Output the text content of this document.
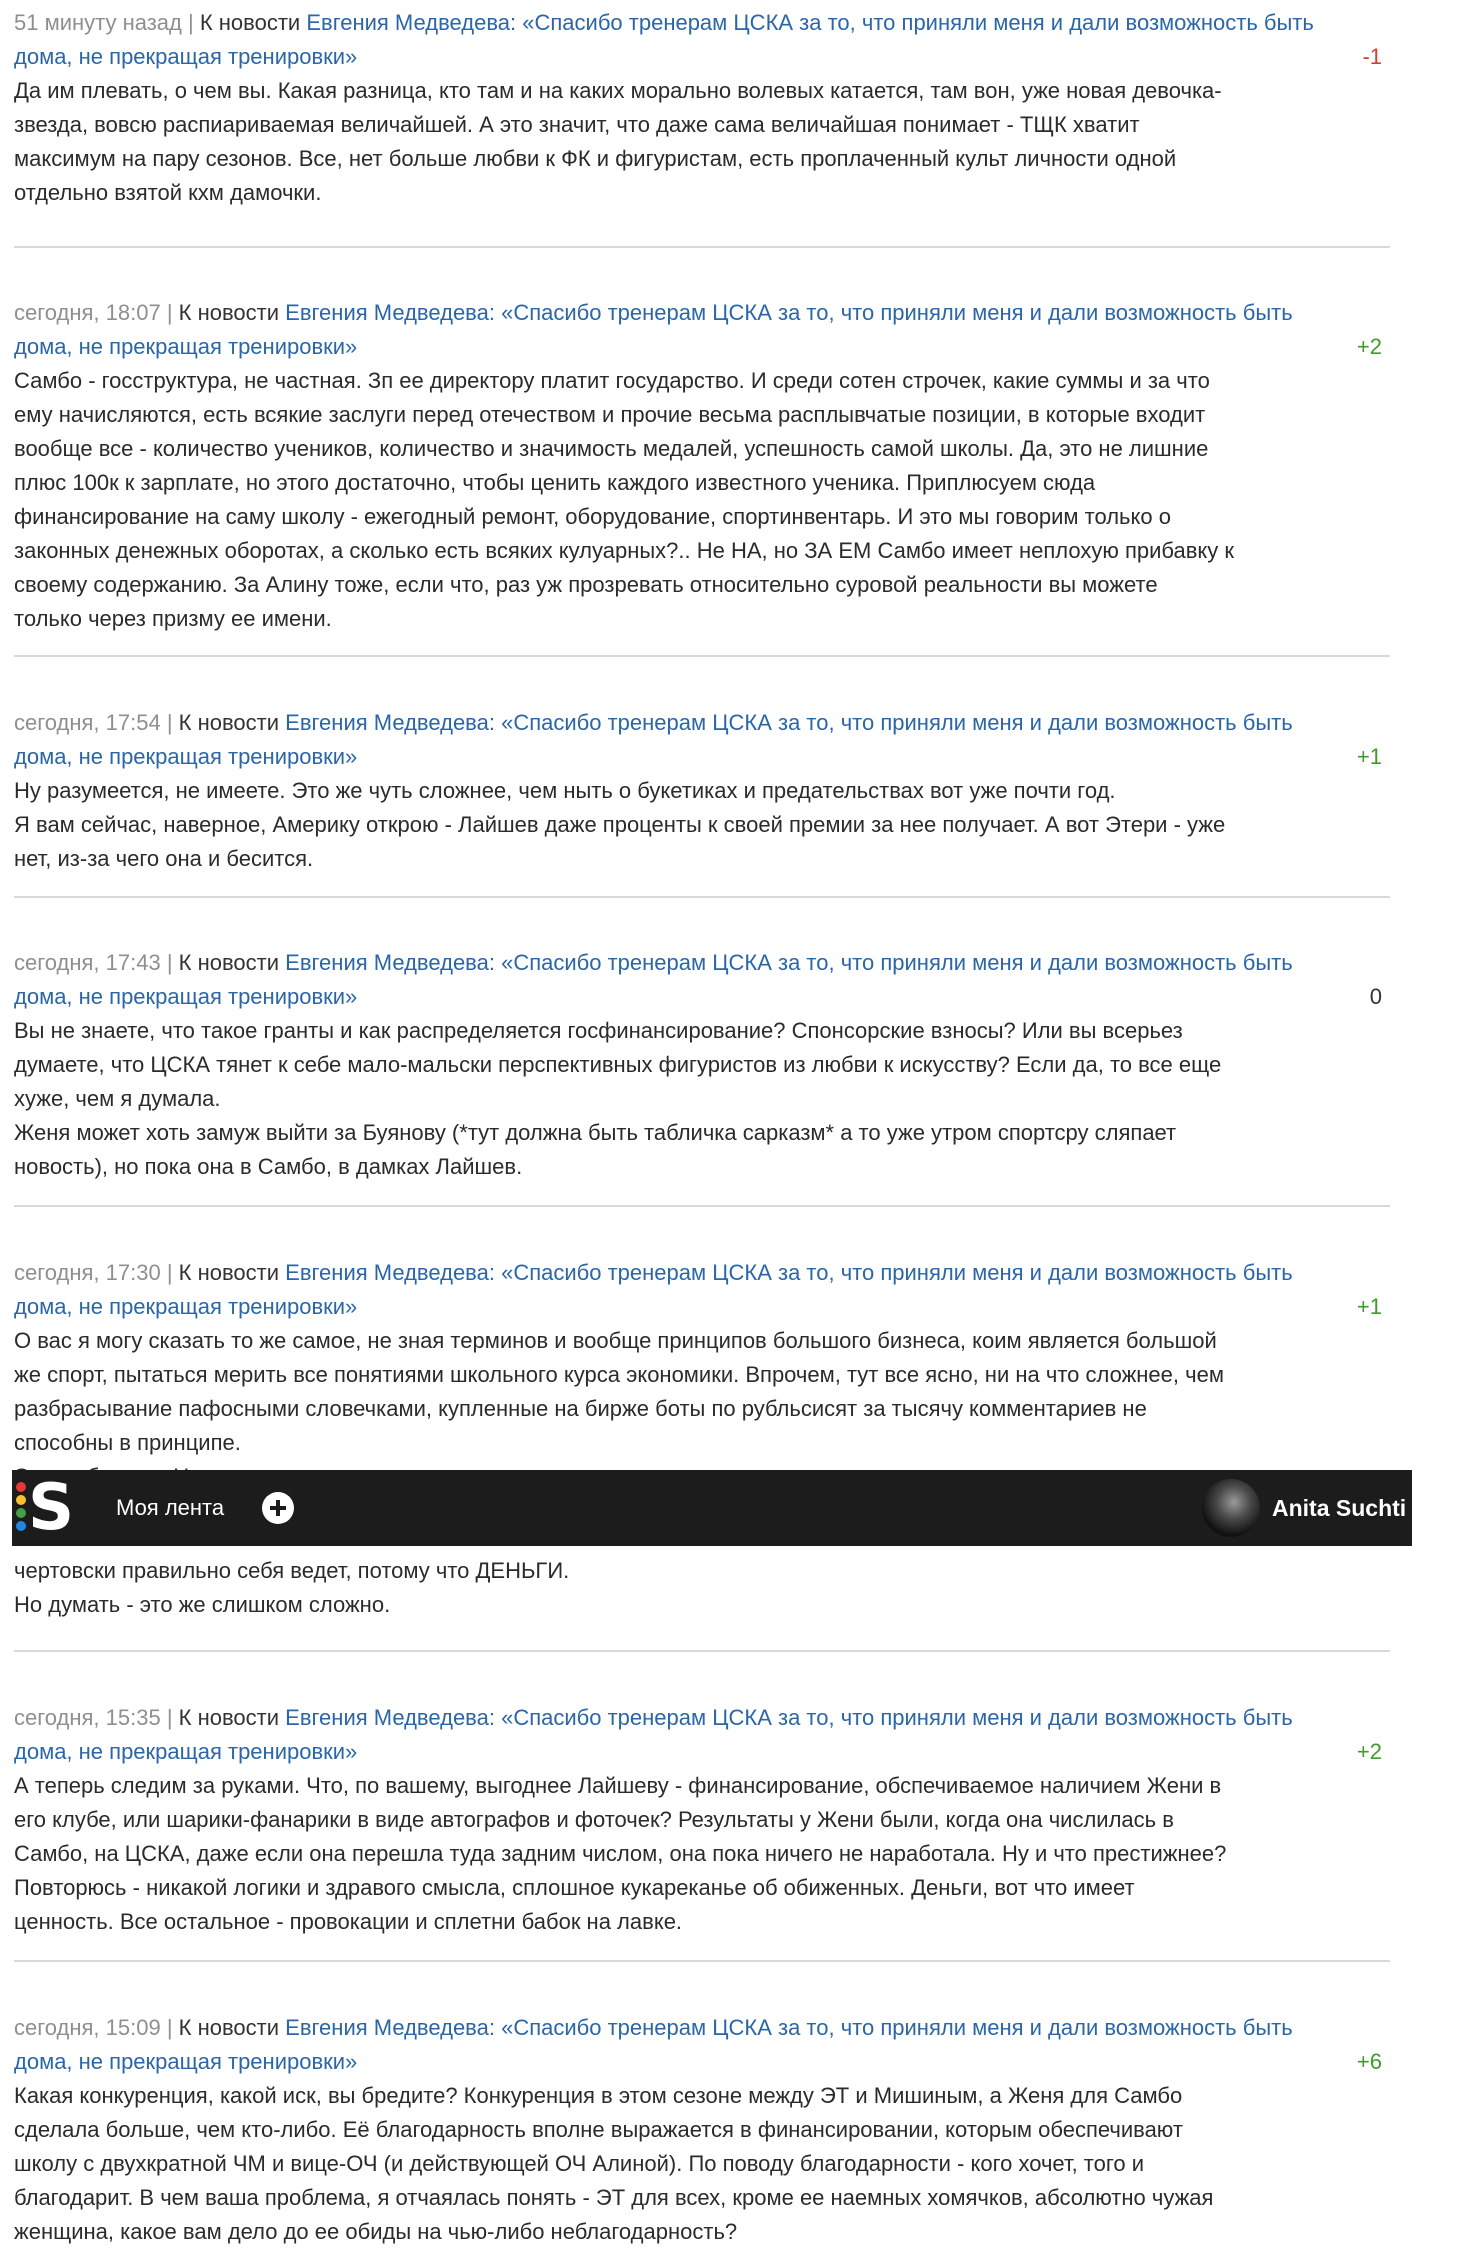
51 минуту назад | К новости Евгения Медведева: «Спасибо тренерам ЦСКА за то, что приняли меня и дали возможность быть дома, не прекращая тренировки»	-1
Да им плевать, о чем вы. Какая разница, кто там и на каких морально волевых катается, там вон, уже новая девочка-
звезда, вовсю распиариваемая величайшей. А это значит, что даже сама величайшая понимает - ТЩК хватит
максимум на пару сезонов. Все, нет больше любви к ФК и фигуристам, есть проплаченный культ личности одной
отдельно взятой кхм дамочки.
сегодня, 18:07 | К новости Евгения Медведева: «Спасибо тренерам ЦСКА за то, что приняли меня и дали возможность быть дома, не прекращая тренировки»	+2
Самбо - госструктура, не частная. Зп ее директору платит государство. И среди сотен строчек, какие суммы и за что
ему начисляются, есть всякие заслуги перед отечеством и прочие весьма расплывчатые позиции, в которые входит
вообще все - количество учеников, количество и значимость медалей, успешность самой школы. Да, это не лишние
плюс 100к к зарплате, но этого достаточно, чтобы ценить каждого известного ученика. Приплюсуем сюда
финансирование на саму школу - ежегодный ремонт, оборудование, спортинвентарь. И это мы говорим только о
законных денежных оборотах, а сколько есть всяких кулуарных?.. Не НА, но ЗА ЕМ Самбо имеет неплохую прибавку к
своему содержанию. За Алину тоже, если что, раз уж прозревать относительно суровой реальности вы можете
только через призму ее имени.
сегодня, 17:54 | К новости Евгения Медведева: «Спасибо тренерам ЦСКА за то, что приняли меня и дали возможность быть дома, не прекращая тренировки»	+1
Ну разумеется, не имеете. Это же чуть сложнее, чем ныть о букетиках и предательствах вот уже почти год.
Я вам сейчас, наверное, Америку открою - Лайшев даже проценты к своей премии за нее получает. А вот Этери - уже
нет, из-за чего она и бесится.
сегодня, 17:43 | К новости Евгения Медведева: «Спасибо тренерам ЦСКА за то, что приняли меня и дали возможность быть дома, не прекращая тренировки»	0
Вы не знаете, что такое гранты и как распределяется госфинансирование? Спонсорские взносы? Или вы всерьез
думаете, что ЦСКА тянет к себе мало-мальски перспективных фигуристов из любви к искусству? Если да, то все еще
хуже, чем я думала.
Женя может хоть замуж выйти за Буянову (*тут должна быть табличка сарказм* а то уже утром спортсру сляпает
новость), но пока она в Самбо, в дамках Лайшев.
сегодня, 17:30 | К новости Евгения Медведева: «Спасибо тренерам ЦСКА за то, что приняли меня и дали возможность быть дома, не прекращая тренировки»	+1
О вас я могу сказать то же самое, не зная терминов и вообще принципов большого бизнеса, коим является большой
же спорт, пытаться мерить все понятиями школьного курса экономики. Впрочем, тут все ясно, ни на что сложнее, чем
разбрасывание пафосными словечками, купленные на бирже боты по рубльсисят за тысячу комментариев не
способны в принципе.
чертовски правильно себя ведет, потому что ДЕНЬГИ.
Но думать - это же слишком сложно.
сегодня, 15:35 | К новости Евгения Медведева: «Спасибо тренерам ЦСКА за то, что приняли меня и дали возможность быть дома, не прекращая тренировки»	+2
А теперь следим за руками. Что, по вашему, выгоднее Лайшеву - финансирование, обспечиваемое наличием Жени в
его клубе, или шарики-фанарики в виде автографов и фоточек? Результаты у Жени были, когда она числилась в
Самбо, на ЦСКА, даже если она перешла туда задним числом, она пока ничего не наработала. Ну и что престижнее?
Повторюсь - никакой логики и здравого смысла, сплошное кукареканье об обиженных. Деньги, вот что имеет
ценность. Все остальное - провокации и сплетни бабок на лавке.
сегодня, 15:09 | К новости Евгения Медведева: «Спасибо тренерам ЦСКА за то, что приняли меня и дали возможность быть дома, не прекращая тренировки»	+6
Какая конкуренция, какой иск, вы бредите? Конкуренция в этом сезоне между ЭТ и Мишиным, а Женя для Самбо
сделала больше, чем кто-либо. Её благодарность вполне выражается в финансировании, которым обеспечивают
школу с двухкратной ЧМ и вице-ОЧ (и действующей ОЧ Алиной). По поводу благодарности - кого хочет, того и
благодарит. В чем ваша проблема, я отчаялась понять - ЭТ для всех, кроме ее наемных хомячков, абсолютно чужая
женщина, какое вам дело до ее обиды на чью-либо неблагодарность?
S Моя лента	Anita Suchti
